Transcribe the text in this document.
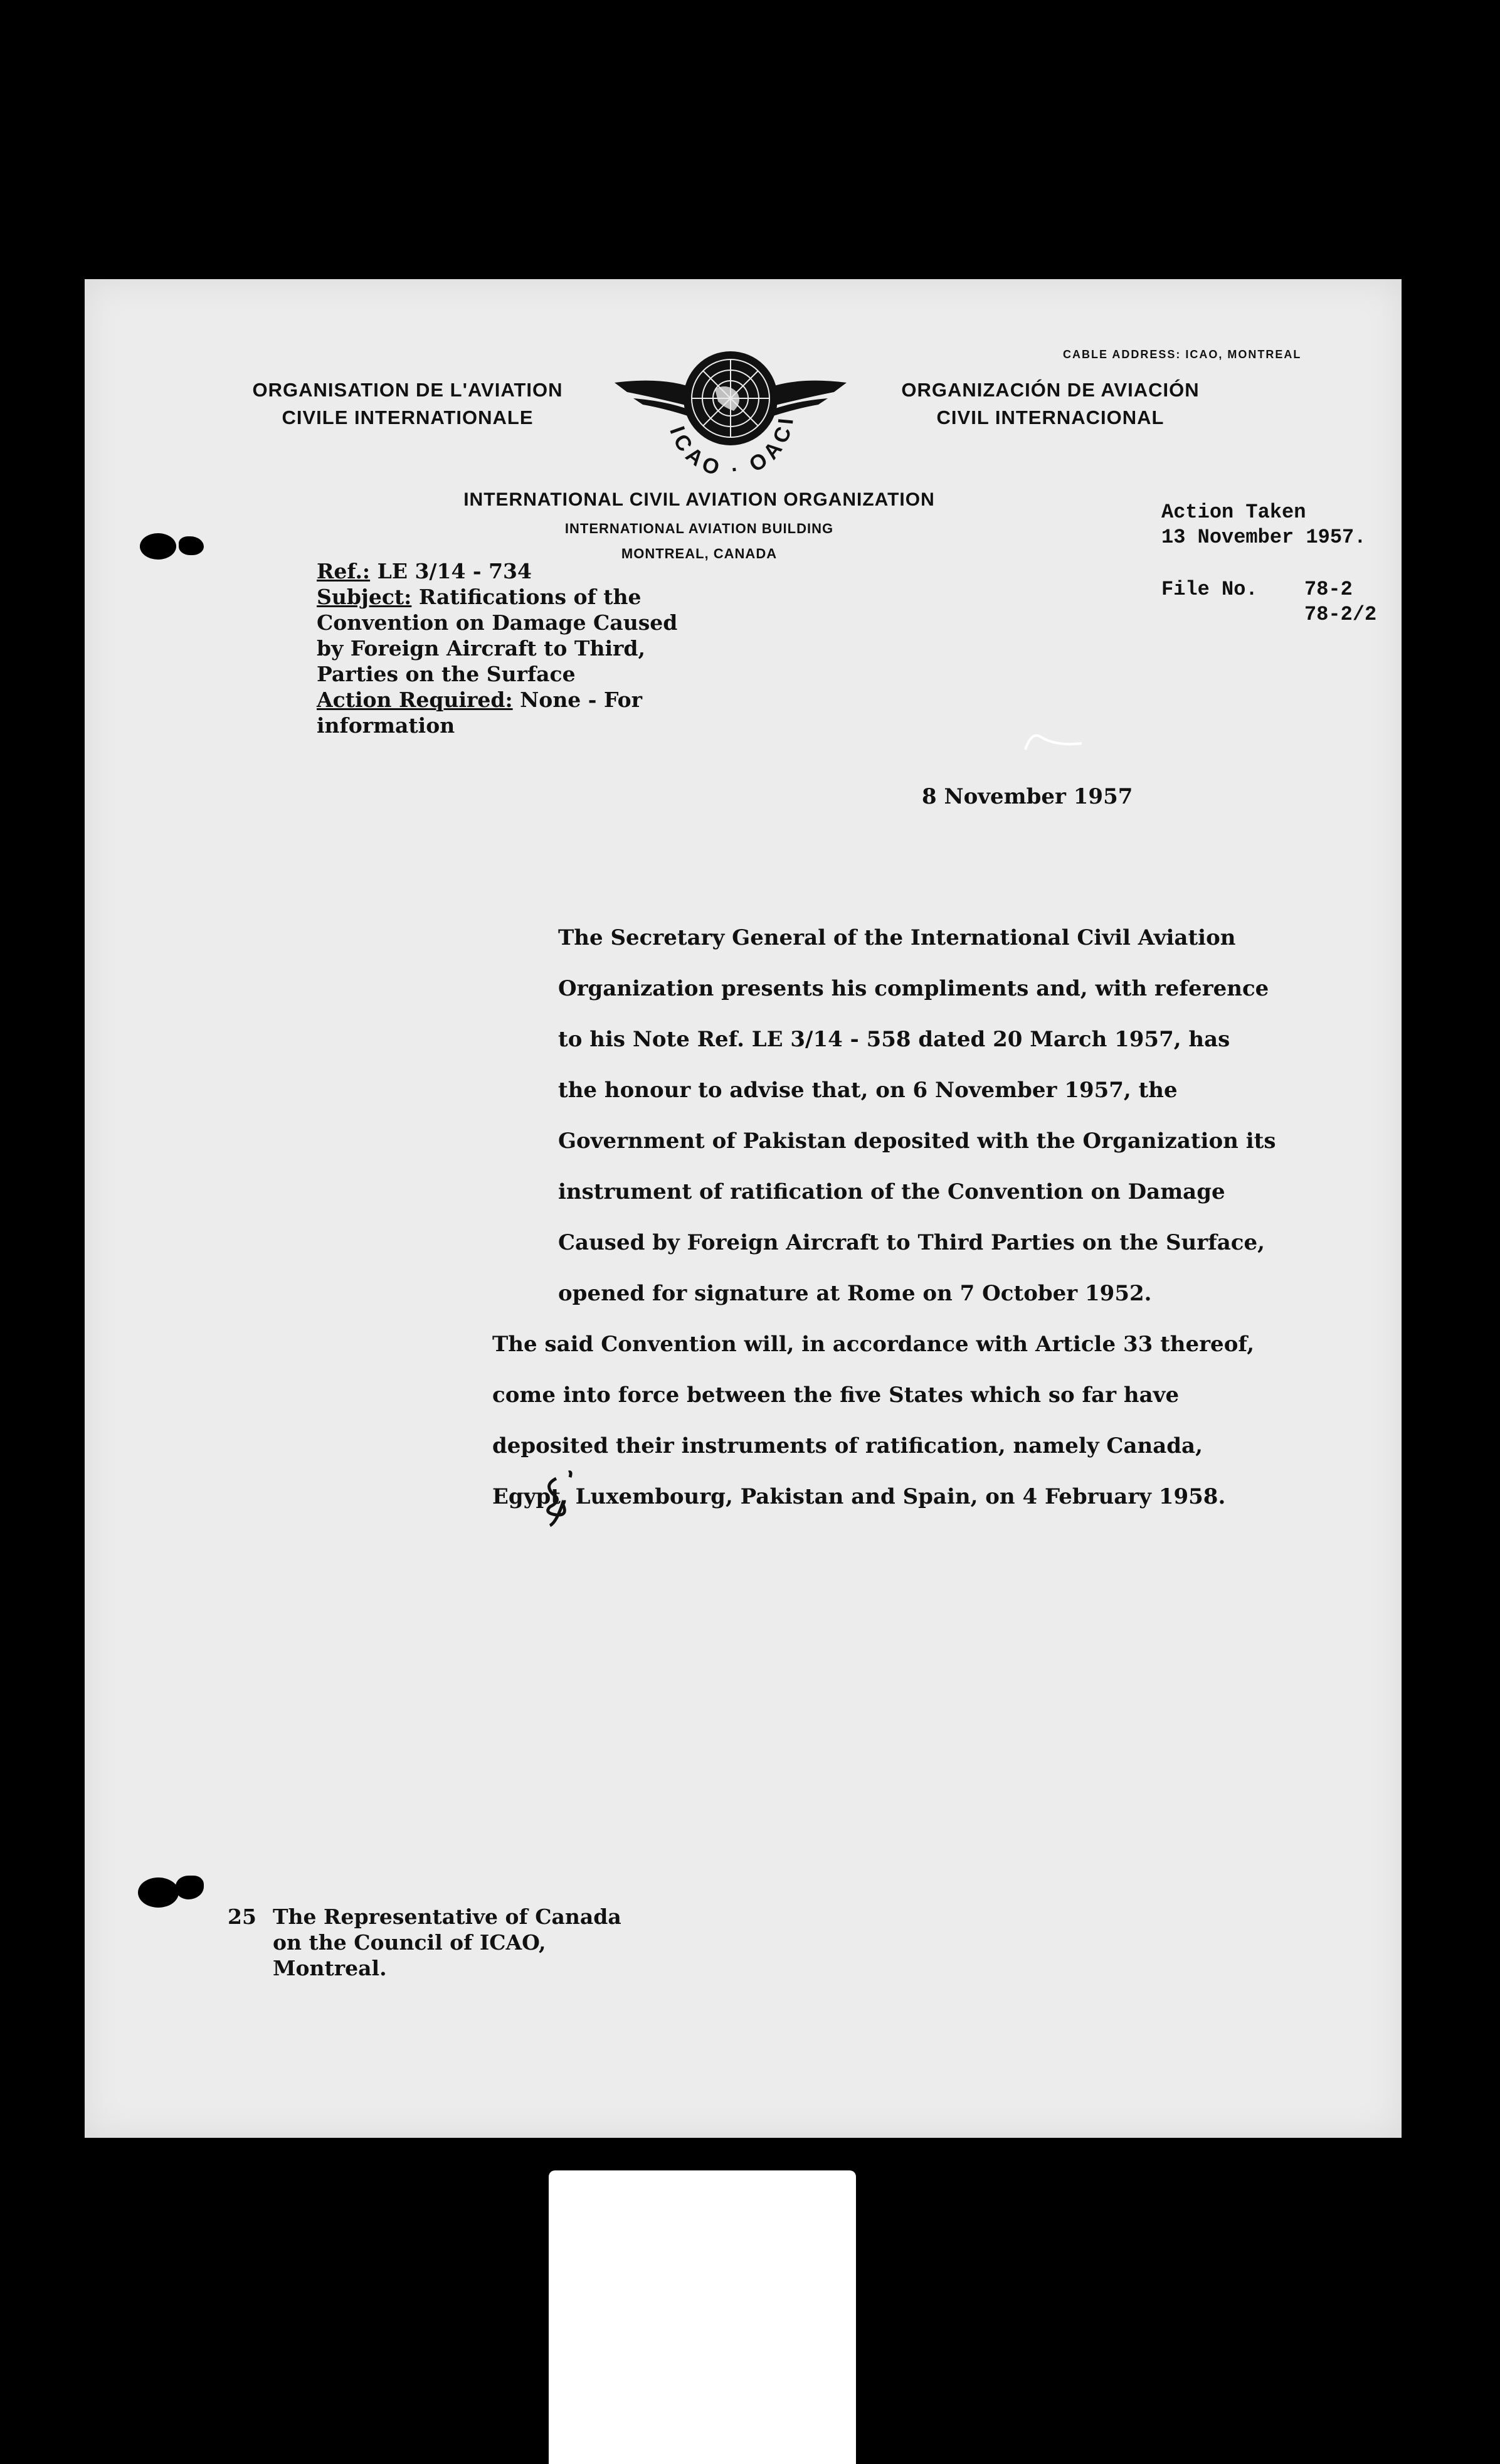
CABLE ADDRESS: ICAO, MONTREAL
ORGANISATION DE L'AVIATION
CIVILE INTERNATIONALE
ICAO · OACI
ORGANIZACIÓN DE AVIACIÓN
CIVIL INTERNACIONAL
INTERNATIONAL CIVIL AVIATION ORGANIZATION
INTERNATIONAL AVIATION BUILDING
MONTREAL, CANADA
Action Taken
13 November 1957.
File No. 78-2
78-2/2
Ref.: LE 3/14 - 734
Subject: Ratifications of the
Convention on Damage Caused
by Foreign Aircraft to Third,
Parties on the Surface
Action Required: None - For
information
8 November 1957

The Secretary General of the International Civil Aviation Organization presents his compliments and, with reference to his Note Ref. LE 3/14 - 558 dated 20 March 1957, has the honour to advise that, on 6 November 1957, the Government of Pakistan deposited with the Organization its instrument of ratification of the Convention on Damage Caused by Foreign Aircraft to Third Parties on the Surface, opened for signature at Rome on 7 October 1952.

The said Convention will, in accordance with Article 33 thereof, come into force between the five States which so far have deposited their instruments of ratification, namely Canada, Egypt, Luxembourg, Pakistan and Spain, on 4 February 1958.

25 The Representative of Canada
on the Council of ICAO,
Montreal.
